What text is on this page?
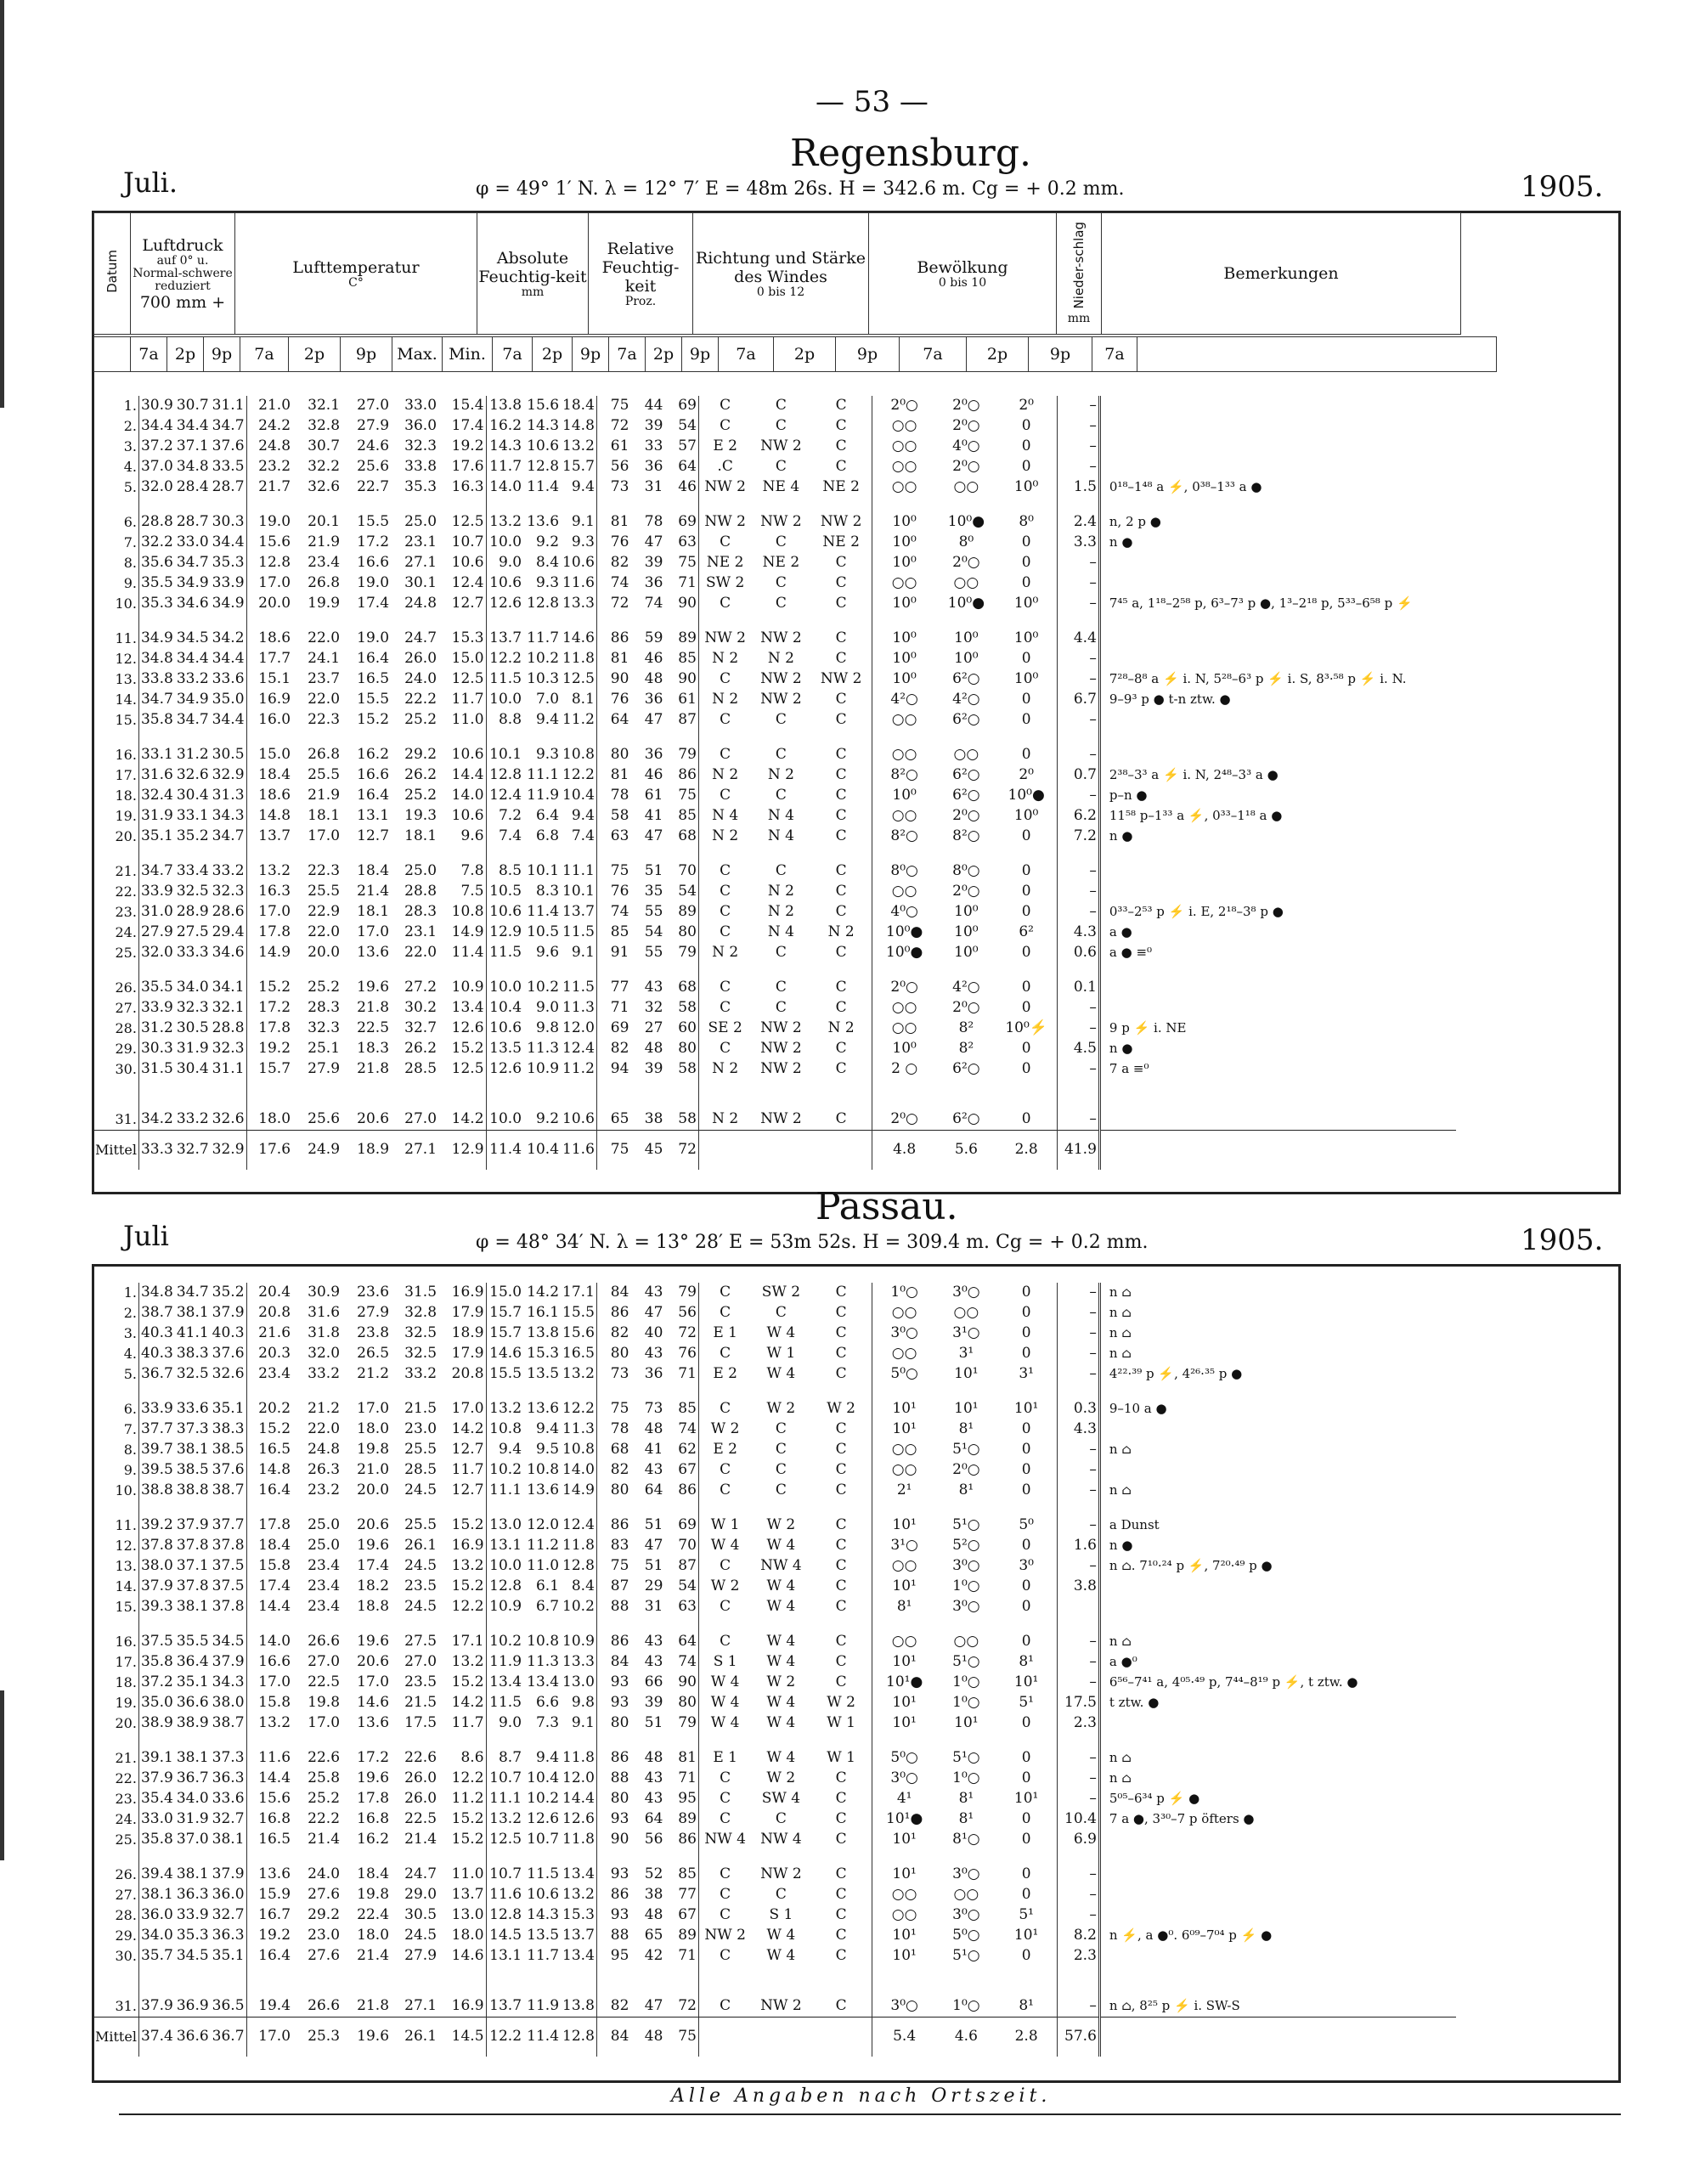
— 53 —
Regensburg.
Juli.	φ = 49° 1′ N. λ = 12° 7′ E = 48m 26s. H = 342.6 m. Cg = + 0.2 mm.	1905.
Datum	
Luftdruck
auf 0° u. Normal-schwere reduziert
700 mm +

Lufttemperatur
C°

Absolute Feuchtig-keit
mm

Relative Feuchtig-keit
Proz.

Richtung und Stärke des Windes
0 bis 12

Bewölkung
0 bis 10	Nieder-schlag
mm

Bemerkungen
	7a	2p	9p	7a	2p	9p	Max.	Min.	7a	2p	9p	7a	2p	9p	7a	2p	9p	7a	2p	9p	7a	
1.	30.9	30.7	31.1	21.0	32.1	27.0	33.0	15.4	13.8	15.6	18.4	75	44	69	C	C	C	2⁰○	2⁰○	2⁰	–	
2.	34.4	34.4	34.7	24.2	32.8	27.9	36.0	17.4	16.2	14.3	14.8	72	39	54	C	C	C	○○	2⁰○	0	–	
3.	37.2	37.1	37.6	24.8	30.7	24.6	32.3	19.2	14.3	10.6	13.2	61	33	57	E 2	NW 2	C	○○	4⁰○	0	–	
4.	37.0	34.8	33.5	23.2	32.2	25.6	33.8	17.6	11.7	12.8	15.7	56	36	64	.C	C	C	○○	2⁰○	0	–	
5.	32.0	28.4	28.7	21.7	32.6	22.7	35.3	16.3	14.0	11.4	9.4	73	31	46	NW 2	NE 4	NE 2	○○	○○	10⁰	1.5	0¹⁸–1⁴⁸ a ⚡, 0³⁸–1³³ a ●

6.	28.8	28.7	30.3	19.0	20.1	15.5	25.0	12.5	13.2	13.6	9.1	81	78	69	NW 2	NW 2	NW 2	10⁰	10⁰●	8⁰	2.4	n, 2 p ●
7.	32.2	33.0	34.4	15.6	21.9	17.2	23.1	10.7	10.0	9.2	9.3	76	47	63	C	C	NE 2	10⁰	8⁰	0	3.3	n ●
8.	35.6	34.7	35.3	12.8	23.4	16.6	27.1	10.6	9.0	8.4	10.6	82	39	75	NE 2	NE 2	C	10⁰	2⁰○	0	–	
9.	35.5	34.9	33.9	17.0	26.8	19.0	30.1	12.4	10.6	9.3	11.6	74	36	71	SW 2	C	C	○○	○○	0	–	
10.	35.3	34.6	34.9	20.0	19.9	17.4	24.8	12.7	12.6	12.8	13.3	72	74	90	C	C	C	10⁰	10⁰●	10⁰	–	7⁴⁵ a, 1¹⁸–2⁵⁸ p, 6³–7³ p ●, 1³–2¹⁸ p, 5³³–6⁵⁸ p ⚡

11.	34.9	34.5	34.2	18.6	22.0	19.0	24.7	15.3	13.7	11.7	14.6	86	59	89	NW 2	NW 2	C	10⁰	10⁰	10⁰	4.4	
12.	34.8	34.4	34.4	17.7	24.1	16.4	26.0	15.0	12.2	10.2	11.8	81	46	85	N 2	N 2	C	10⁰	10⁰	0	–	
13.	33.8	33.2	33.6	15.1	23.7	16.5	24.0	12.5	11.5	10.3	12.5	90	48	90	C	NW 2	NW 2	10⁰	6²○	10⁰	–	7²⁸–8⁸ a ⚡ i. N, 5²⁸–6³ p ⚡ i. S, 8³·⁵⁸ p ⚡ i. N.
14.	34.7	34.9	35.0	16.9	22.0	15.5	22.2	11.7	10.0	7.0	8.1	76	36	61	N 2	NW 2	C	4²○	4²○	0	6.7	9–9³ p ● t-n ztw. ●
15.	35.8	34.7	34.4	16.0	22.3	15.2	25.2	11.0	8.8	9.4	11.2	64	47	87	C	C	C	○○	6²○	0	–	

16.	33.1	31.2	30.5	15.0	26.8	16.2	29.2	10.6	10.1	9.3	10.8	80	36	79	C	C	C	○○	○○	0	–	
17.	31.6	32.6	32.9	18.4	25.5	16.6	26.2	14.4	12.8	11.1	12.2	81	46	86	N 2	N 2	C	8²○	6²○	2⁰	0.7	2³⁸–3³ a ⚡ i. N, 2⁴⁸–3³ a ●
18.	32.4	30.4	31.3	18.6	21.9	16.4	25.2	14.0	12.4	11.9	10.4	78	61	75	C	C	C	10⁰	6²○	10⁰●	–	p–n ●
19.	31.9	33.1	34.3	14.8	18.1	13.1	19.3	10.6	7.2	6.4	9.4	58	41	85	N 4	N 4	C	○○	2⁰○	10⁰	6.2	11⁵⁸ p–1³³ a ⚡, 0³³–1¹⁸ a ●
20.	35.1	35.2	34.7	13.7	17.0	12.7	18.1	9.6	7.4	6.8	7.4	63	47	68	N 2	N 4	C	8²○	8²○	0	7.2	n ●

21.	34.7	33.4	33.2	13.2	22.3	18.4	25.0	7.8	8.5	10.1	11.1	75	51	70	C	C	C	8⁰○	8⁰○	0	–	
22.	33.9	32.5	32.3	16.3	25.5	21.4	28.8	7.5	10.5	8.3	10.1	76	35	54	C	N 2	C	○○	2⁰○	0	–	
23.	31.0	28.9	28.6	17.0	22.9	18.1	28.3	10.8	10.6	11.4	13.7	74	55	89	C	N 2	C	4⁰○	10⁰	0	–	0³³–2⁵³ p ⚡ i. E, 2¹⁸–3⁸ p ●
24.	27.9	27.5	29.4	17.8	22.0	17.0	23.1	14.9	12.9	10.5	11.5	85	54	80	C	N 4	N 2	10⁰●	10⁰	6²	4.3	a ●
25.	32.0	33.3	34.6	14.9	20.0	13.6	22.0	11.4	11.5	9.6	9.1	91	55	79	N 2	C	C	10⁰●	10⁰	0	0.6	a ● ≡⁰

26.	35.5	34.0	34.1	15.2	25.2	19.6	27.2	10.9	10.0	10.2	11.5	77	43	68	C	C	C	2⁰○	4²○	0	0.1	
27.	33.9	32.3	32.1	17.2	28.3	21.8	30.2	13.4	10.4	9.0	11.3	71	32	58	C	C	C	○○	2⁰○	0	–	
28.	31.2	30.5	28.8	17.8	32.3	22.5	32.7	12.6	10.6	9.8	12.0	69	27	60	SE 2	NW 2	N 2	○○	8²	10⁰⚡	–	9 p ⚡ i. NE
29.	30.3	31.9	32.3	19.2	25.1	18.3	26.2	15.2	13.5	11.3	12.4	82	48	80	C	NW 2	C	10⁰	8²	0	4.5	n ●
30.	31.5	30.4	31.1	15.7	27.9	21.8	28.5	12.5	12.6	10.9	11.2	94	39	58	N 2	NW 2	C	2 ○	6²○	0	–	7 a ≡⁰

31.	34.2	33.2	32.6	18.0	25.6	20.6	27.0	14.2	10.0	9.2	10.6	65	38	58	N 2	NW 2	C	2⁰○	6²○	0	–	
Mittel	33.3	32.7	32.9	17.6	24.9	18.9	27.1	12.9	11.4	10.4	11.6	75	45	72				4.8	5.6	2.8	41.9	
Passau.
Juli	φ = 48° 34′ N. λ = 13° 28′ E = 53m 52s. H = 309.4 m. Cg = + 0.2 mm.	1905.
1.	34.8	34.7	35.2	20.4	30.9	23.6	31.5	16.9	15.0	14.2	17.1	84	43	79	C	SW 2	C	1⁰○	3⁰○	0	–	n ⌂
2.	38.7	38.1	37.9	20.8	31.6	27.9	32.8	17.9	15.7	16.1	15.5	86	47	56	C	C	C	○○	○○	0	–	n ⌂
3.	40.3	41.1	40.3	21.6	31.8	23.8	32.5	18.9	15.7	13.8	15.6	82	40	72	E 1	W 4	C	3⁰○	3¹○	0	–	n ⌂
4.	40.3	38.3	37.6	20.3	32.0	26.5	32.5	17.9	14.6	15.3	16.5	80	43	76	C	W 1	C	○○	3¹	0	–	n ⌂
5.	36.7	32.5	32.6	23.4	33.2	21.2	33.2	20.8	15.5	13.5	13.2	73	36	71	E 2	W 4	C	5⁰○	10¹	3¹	–	4²²·³⁹ p ⚡, 4²⁶·³⁵ p ●

6.	33.9	33.6	35.1	20.2	21.2	17.0	21.5	17.0	13.2	13.6	12.2	75	73	85	C	W 2	W 2	10¹	10¹	10¹	0.3	9–10 a ●
7.	37.7	37.3	38.3	15.2	22.0	18.0	23.0	14.2	10.8	9.4	11.3	78	48	74	W 2	C	C	10¹	8¹	0	4.3	
8.	39.7	38.1	38.5	16.5	24.8	19.8	25.5	12.7	9.4	9.5	10.8	68	41	62	E 2	C	C	○○	5¹○	0	–	n ⌂
9.	39.5	38.5	37.6	14.8	26.3	21.0	28.5	11.7	10.2	10.8	14.0	82	43	67	C	C	C	○○	2⁰○	0	–	
10.	38.8	38.8	38.7	16.4	23.2	20.0	24.5	12.7	11.1	13.6	14.9	80	64	86	C	C	C	2¹	8¹	0	–	n ⌂

11.	39.2	37.9	37.7	17.8	25.0	20.6	25.5	15.2	13.0	12.0	12.4	86	51	69	W 1	W 2	C	10¹	5¹○	5⁰	–	a Dunst
12.	37.8	37.8	37.8	18.4	25.0	19.6	26.1	16.9	13.1	11.2	11.8	83	47	70	W 4	W 4	C	3¹○	5²○	0	1.6	n ●
13.	38.0	37.1	37.5	15.8	23.4	17.4	24.5	13.2	10.0	11.0	12.8	75	51	87	C	NW 4	C	○○	3⁰○	3⁰	–	n ⌂. 7¹⁰·²⁴ p ⚡, 7²⁰·⁴⁹ p ●
14.	37.9	37.8	37.5	17.4	23.4	18.2	23.5	15.2	12.8	6.1	8.4	87	29	54	W 2	W 4	C	10¹	1⁰○	0	3.8	
15.	39.3	38.1	37.8	14.4	23.4	18.8	24.5	12.2	10.9	6.7	10.2	88	31	63	C	W 4	C	8¹	3⁰○	0		

16.	37.5	35.5	34.5	14.0	26.6	19.6	27.5	17.1	10.2	10.8	10.9	86	43	64	C	W 4	C	○○	○○	0	–	n ⌂
17.	35.8	36.4	37.9	16.6	27.0	20.6	27.0	13.2	11.9	11.3	13.3	84	43	74	S 1	W 4	C	10¹	5¹○	8¹	–	a ●⁰
18.	37.2	35.1	34.3	17.0	22.5	17.0	23.5	15.2	13.4	13.4	13.0	93	66	90	W 4	W 2	C	10¹●	1⁰○	10¹	–	6⁵⁶–7⁴¹ a, 4⁰⁵·⁴⁹ p, 7⁴⁴–8¹⁹ p ⚡, t ztw. ●
19.	35.0	36.6	38.0	15.8	19.8	14.6	21.5	14.2	11.5	6.6	9.8	93	39	80	W 4	W 4	W 2	10¹	1⁰○	5¹	17.5	t ztw. ●
20.	38.9	38.9	38.7	13.2	17.0	13.6	17.5	11.7	9.0	7.3	9.1	80	51	79	W 4	W 4	W 1	10¹	10¹	0	2.3	

21.	39.1	38.1	37.3	11.6	22.6	17.2	22.6	8.6	8.7	9.4	11.8	86	48	81	E 1	W 4	W 1	5⁰○	5¹○	0	–	n ⌂
22.	37.9	36.7	36.3	14.4	25.8	19.6	26.0	12.2	10.7	10.4	12.0	88	43	71	C	W 2	C	3⁰○	1⁰○	0	–	n ⌂
23.	35.4	34.0	33.6	15.6	25.2	17.8	26.0	11.2	11.1	10.2	14.4	80	43	95	C	SW 4	C	4¹	8¹	10¹	–	5⁰⁵–6³⁴ p ⚡ ●
24.	33.0	31.9	32.7	16.8	22.2	16.8	22.5	15.2	13.2	12.6	12.6	93	64	89	C	C	C	10¹●	8¹	0	10.4	7 a ●, 3³⁰–7 p öfters ●
25.	35.8	37.0	38.1	16.5	21.4	16.2	21.4	15.2	12.5	10.7	11.8	90	56	86	NW 4	NW 4	C	10¹	8¹○	0	6.9	

26.	39.4	38.1	37.9	13.6	24.0	18.4	24.7	11.0	10.7	11.5	13.4	93	52	85	C	NW 2	C	10¹	3⁰○	0	–	
27.	38.1	36.3	36.0	15.9	27.6	19.8	29.0	13.7	11.6	10.6	13.2	86	38	77	C	C	C	○○	○○	0	–	
28.	36.0	33.9	32.7	16.7	29.2	22.4	30.5	13.0	12.8	14.3	15.3	93	48	67	C	S 1	C	○○	3⁰○	5¹	–	
29.	34.0	35.3	36.3	19.2	23.0	18.0	24.5	18.0	14.5	13.5	13.7	88	65	89	NW 2	W 4	C	10¹	5⁰○	10¹	8.2	n ⚡, a ●⁰. 6⁰⁹–7⁰⁴ p ⚡ ●
30.	35.7	34.5	35.1	16.4	27.6	21.4	27.9	14.6	13.1	11.7	13.4	95	42	71	C	W 4	C	10¹	5¹○	0	2.3	

31.	37.9	36.9	36.5	19.4	26.6	21.8	27.1	16.9	13.7	11.9	13.8	82	47	72	C	NW 2	C	3⁰○	1⁰○	8¹	–	n ⌂, 8²⁵ p ⚡ i. SW-S
Mittel	37.4	36.6	36.7	17.0	25.3	19.6	26.1	14.5	12.2	11.4	12.8	84	48	75				5.4	4.6	2.8	57.6	
Alle Angaben nach Ortszeit.
